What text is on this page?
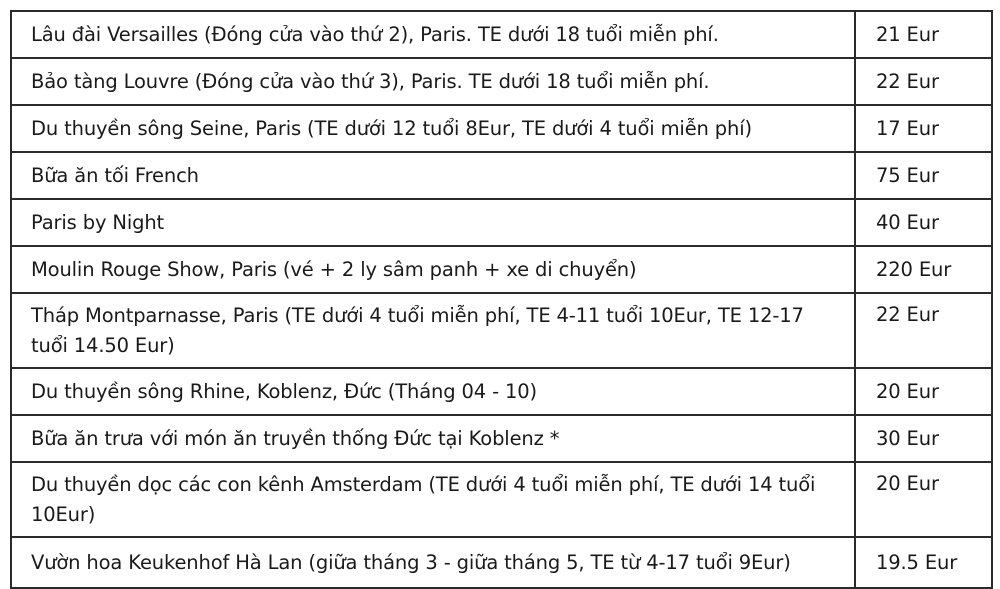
Lâu đài Versailles (Đóng cửa vào thứ 2), Paris. TE dưới 18 tuổi miễn phí.	21 Eur
Bảo tàng Louvre (Đóng cửa vào thứ 3), Paris. TE dưới 18 tuổi miễn phí.	22 Eur
Du thuyền sông Seine, Paris (TE dưới 12 tuổi 8Eur, TE dưới 4 tuổi miễn phí)	17 Eur
Bữa ăn tối French	75 Eur
Paris by Night	40 Eur
Moulin Rouge Show, Paris (vé + 2 ly sâm panh + xe di chuyển)	220 Eur
Tháp Montparnasse, Paris (TE dưới 4 tuổi miễn phí, TE 4-11 tuổi 10Eur, TE 12-17 tuổi 14.50 Eur)	22 Eur
Du thuyền sông Rhine, Koblenz, Đức (Tháng 04 - 10)	20 Eur
Bữa ăn trưa với món ăn truyền thống Đức tại Koblenz *	30 Eur
Du thuyền dọc các con kênh Amsterdam (TE dưới 4 tuổi miễn phí, TE dưới 14 tuổi 10Eur)	20 Eur
Vườn hoa Keukenhof Hà Lan (giữa tháng 3 - giữa tháng 5, TE từ 4-17 tuổi 9Eur)	19.5 Eur
